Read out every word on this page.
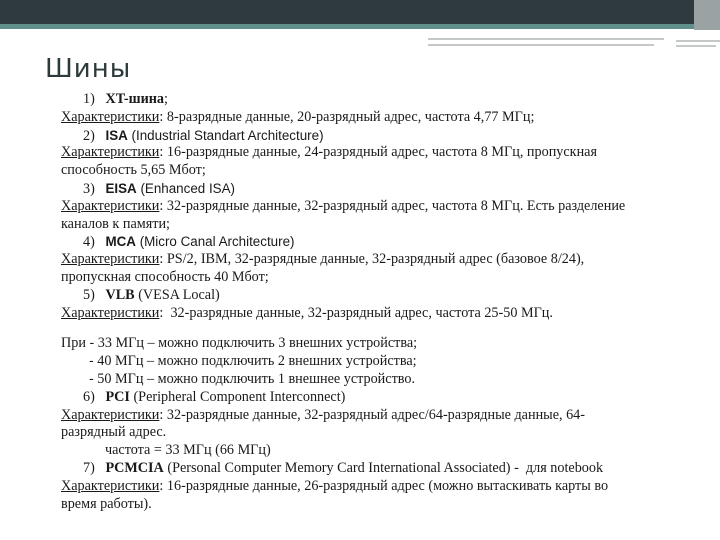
Шины
1) XT-шина;
Характеристики: 8-разрядные данные, 20-разрядный адрес, частота 4,77 МГц;
2) ISA (Industrial Standart Architecture)
Характеристики: 16-разрядные данные, 24-разрядный адрес, частота 8 МГц, пропускная
способность 5,65 Мбот;
3) EISA (Enhanced ISA)
Характеристики: 32-разрядные данные, 32-разрядный адрес, частота 8 МГц. Есть разделение
каналов к памяти;
4) MCA (Micro Canal Architecture)
Характеристики: PS/2, IBM, 32-разрядные данные, 32-разрядный адрес (базовое 8/24),
пропускная способность 40 Мбот;
5) VLB (VESA Local)
Характеристики:  32-разрядные данные, 32-разрядный адрес, частота 25-50 МГц.
При - 33 МГц – можно подключить 3 внешних устройства;
- 40 МГц – можно подключить 2 внешних устройства;
- 50 МГц – можно подключить 1 внешнее устройство.
6) PCI (Peripheral Component Interconnect)
Характеристики: 32-разрядные данные, 32-разрядный адрес/64-разрядные данные, 64-
разрядный адрес.
частота = 33 МГц (66 МГц)
7) PCMCIA (Personal Computer Memory Card International Associated) - для notebook
Характеристики: 16-разрядные данные, 26-разрядный адрес (можно вытаскивать карты во
время работы).
